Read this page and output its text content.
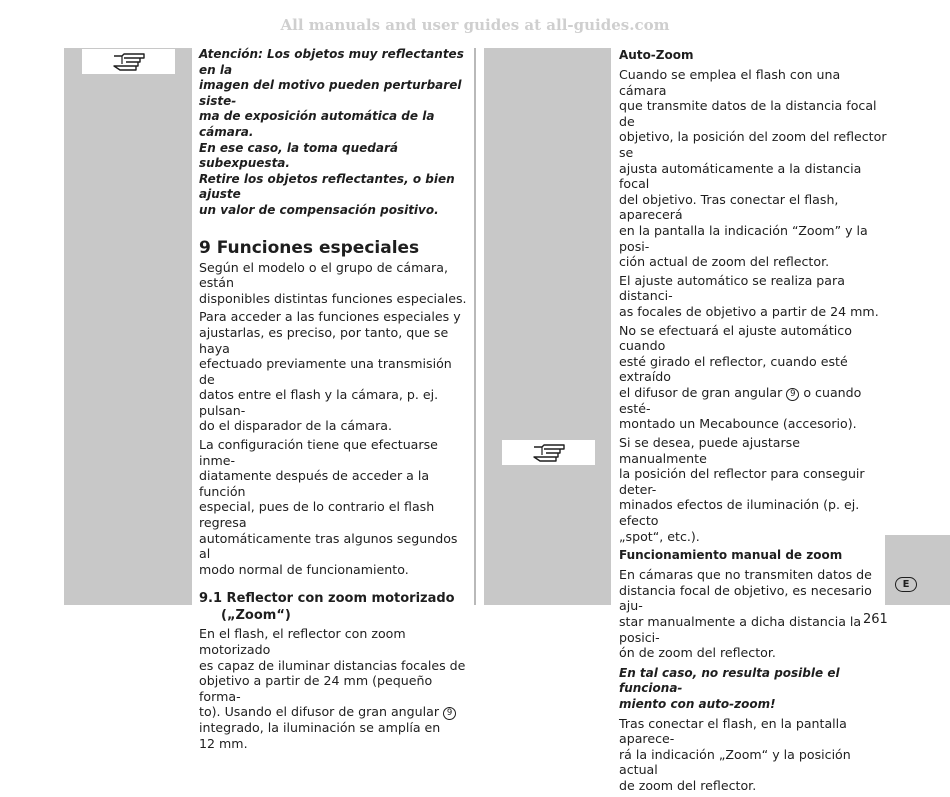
All manuals and user guides at all-guides.com
E
261
Atención: Los objetos muy reflectantes en la
imagen del motivo pueden perturbarel siste-
ma de exposición automática de la cámara.
En ese caso, la toma quedará subexpuesta.
Retire los objetos reflectantes, o bien ajuste
un valor de compensación positivo.
9 Funciones especiales

Según el modelo o el grupo de cámara, están
disponibles distintas funciones especiales.

Para acceder a las funciones especiales y
ajustarlas, es preciso, por tanto, que se haya
efectuado previamente una transmisión de
datos entre el flash y la cámara, p. ej. pulsan-
do el disparador de la cámara.

La configuración tiene que efectuarse inme-
diatamente después de acceder a la función
especial, pues de lo contrario el flash regresa
automáticamente tras algunos segundos al
modo normal de funcionamiento.

9.1 Reflector con zoom motorizado
(„Zoom“)

En el flash, el reflector con zoom motorizado
es capaz de iluminar distancias focales de
objetivo a partir de 24 mm (pequeño forma-
to). Usando el difusor de gran angular 9
integrado, la iluminación se amplía en
12 mm.

Auto-Zoom

Cuando se emplea el flash con una cámara
que transmite datos de la distancia focal de
objetivo, la posición del zoom del reflector se
ajusta automáticamente a la distancia focal
del objetivo. Tras conectar el flash, aparecerá
en la pantalla la indicación “Zoom” y la posi-
ción actual de zoom del reflector.

El ajuste automático se realiza para distanci-
as focales de objetivo a partir de 24 mm.

No se efectuará el ajuste automático cuando
esté girado el reflector, cuando esté extraído
el difusor de gran angular 9 o cuando esté-
montado un Mecabounce (accesorio).

Si se desea, puede ajustarse manualmente
la posición del reflector para conseguir deter-
minados efectos de iluminación (p. ej. efecto
„spot“, etc.).

Funcionamiento manual de zoom

En cámaras que no transmiten datos de
distancia focal de objetivo, es necesario aju-
star manualmente a dicha distancia la posici-
ón de zoom del reflector.

En tal caso, no resulta posible el funciona-
miento con auto-zoom!

Tras conectar el flash, en la pantalla aparece-
rá la indicación „Zoom“ y la posición actual
de zoom del reflector.
